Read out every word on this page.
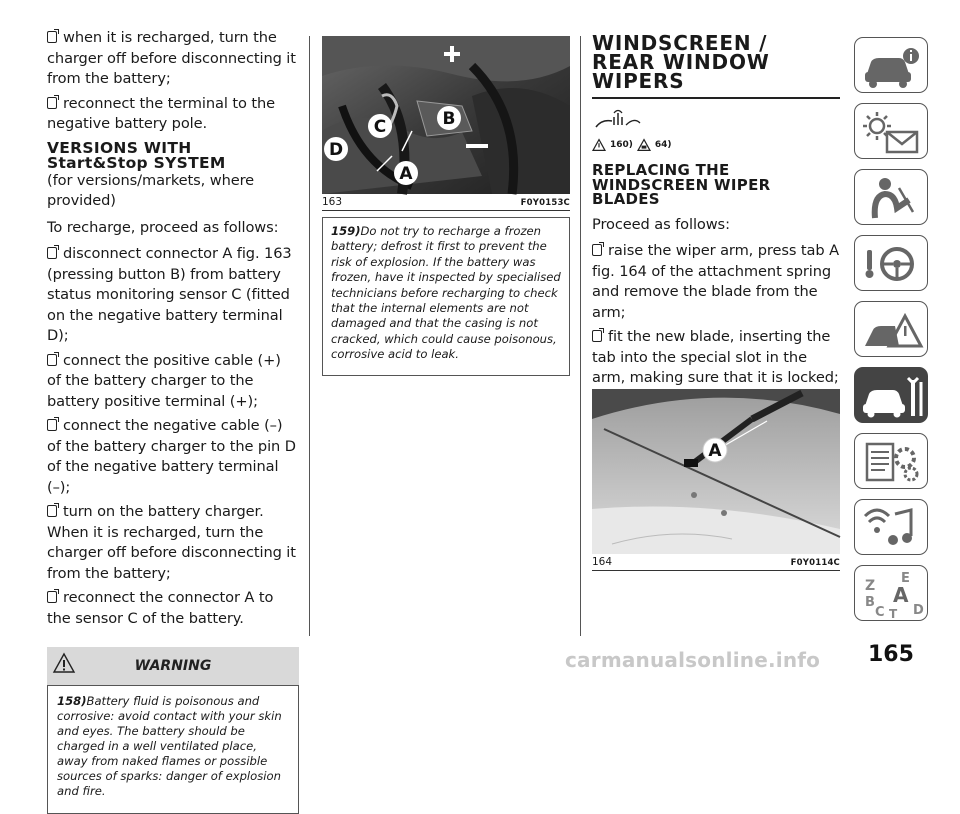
when it is recharged, turn the charger off before disconnecting it from the battery;

reconnect the terminal to the negative battery pole.

VERSIONS WITH
Start&Stop SYSTEM

(for versions/markets, where provided)

To recharge, proceed as follows:

disconnect connector A fig. 163 (pressing button B) from battery status monitoring sensor C (fitted on the negative battery terminal D);

connect the positive cable (+) of the battery charger to the battery positive terminal (+);

connect the negative cable (–) of the battery charger to the pin D of the negative battery terminal (–);

turn on the battery charger. When it is recharged, turn the charger off before disconnecting it from the battery;

reconnect the connector A to the sensor C of the battery.

WARNING
158)Battery fluid is poisonous and corrosive: avoid contact with your skin and eyes. The battery should be charged in a well ventilated place, away from naked flames or possible sources of sparks: danger of explosion and fire.
B
C
D
A
163	F0Y0153C
159)Do not try to recharge a frozen battery; defrost it first to prevent the risk of explosion. If the battery was frozen, have it inspected by specialised technicians before recharging to check that the internal elements are not damaged and that the casing is not cracked, which could cause poisonous, corrosive acid to leak.
WINDSCREEN /
REAR WINDOW
WIPERS
160) 64)
REPLACING THE
WINDSCREEN WIPER
BLADES

Proceed as follows:

raise the wiper arm, press tab A fig. 164 of the attachment spring and remove the blade from the arm;

fit the new blade, inserting the tab into the special slot in the arm, making sure that it is locked;

A
164	F0Y0114C
Z E
A
B
C T D
165
carmanualsonline.info
